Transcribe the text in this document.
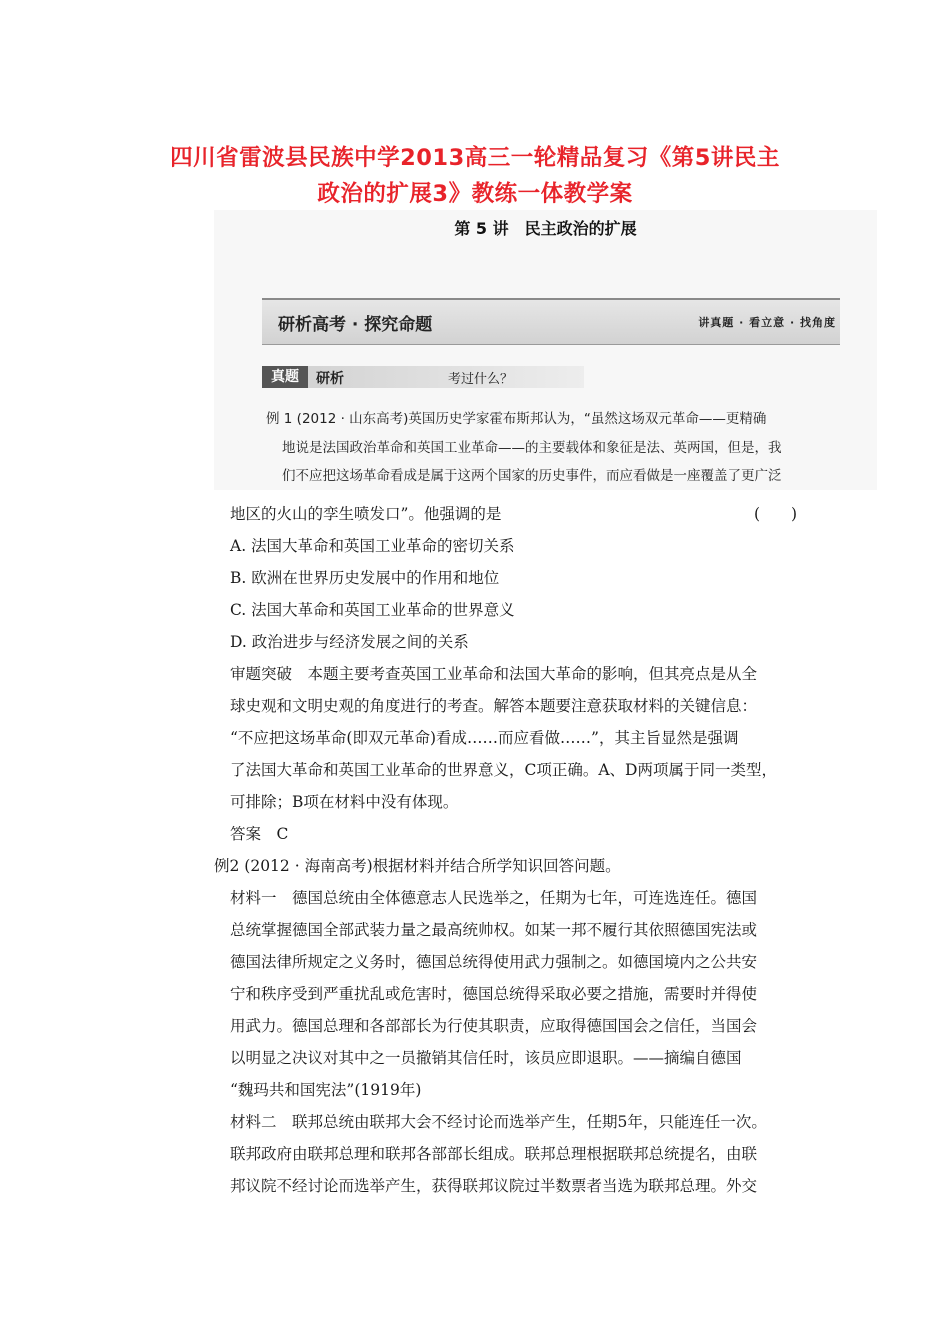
四川省雷波县民族中学2013高三一轮精品复习《第5讲民主
政治的扩展3》教练一体教学案
第 5 讲　民主政治的扩展
研析高考 · 探究命题	讲真题 · 看立意 · 找角度
真题	研析	考过什么？
例 1 (2012 · 山东高考)英国历史学家霍布斯邦认为，“虽然这场双元革命——更精确
地说是法国政治革命和英国工业革命——的主要载体和象征是法、英两国，但是，我
们不应把这场革命看成是属于这两个国家的历史事件，而应看做是一座覆盖了更广泛
地区的火山的孪生喷发口”。他强调的是	(　　)
A. 法国大革命和英国工业革命的密切关系
B. 欧洲在世界历史发展中的作用和地位
C. 法国大革命和英国工业革命的世界意义
D. 政治进步与经济发展之间的关系
审题突破　本题主要考查英国工业革命和法国大革命的影响，但其亮点是从全
球史观和文明史观的角度进行的考查。解答本题要注意获取材料的关键信息：
“不应把这场革命(即双元革命)看成……而应看做……”，其主旨显然是强调
了法国大革命和英国工业革命的世界意义，C项正确。A、D两项属于同一类型，
可排除；B项在材料中没有体现。
答案　C
例2 (2012 · 海南高考)根据材料并结合所学知识回答问题。
材料一　德国总统由全体德意志人民选举之，任期为七年，可连选连任。德国
总统掌握德国全部武装力量之最高统帅权。如某一邦不履行其依照德国宪法或
德国法律所规定之义务时，德国总统得使用武力强制之。如德国境内之公共安
宁和秩序受到严重扰乱或危害时，德国总统得采取必要之措施，需要时并得使
用武力。德国总理和各部部长为行使其职责，应取得德国国会之信任，当国会
以明显之决议对其中之一员撤销其信任时，该员应即退职。——摘编自德国
“魏玛共和国宪法”(1919年)
材料二　联邦总统由联邦大会不经讨论而选举产生，任期5年，只能连任一次。
联邦政府由联邦总理和联邦各部部长组成。联邦总理根据联邦总统提名，由联
邦议院不经讨论而选举产生，获得联邦议院过半数票者当选为联邦总理。外交
